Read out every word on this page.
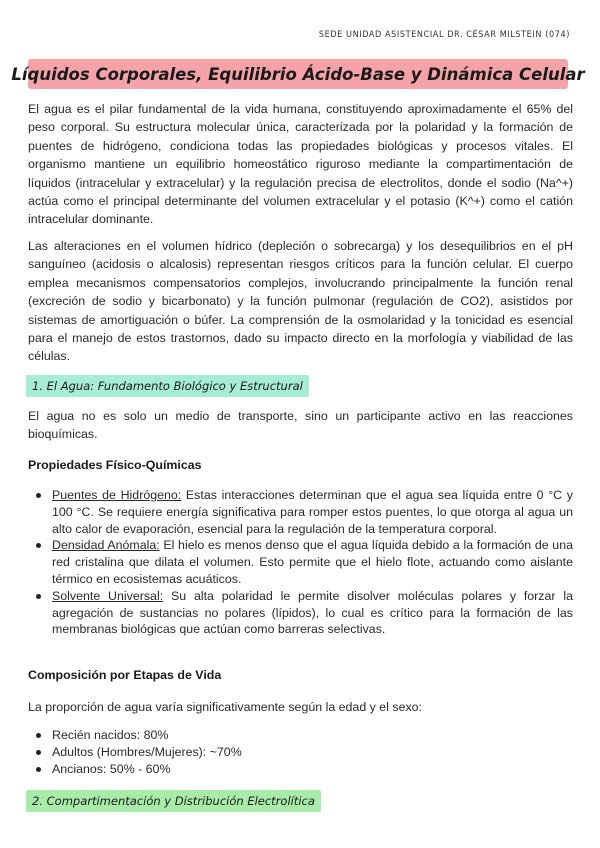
SEDE UNIDAD ASISTENCIAL DR. CÉSAR MILSTEIN (074)
Líquidos Corporales, Equilibrio Ácido-Base y Dinámica Celular

El agua es el pilar fundamental de la vida humana, constituyendo aproximadamente el 65% del peso corporal. Su estructura molecular única, caracterizada por la polaridad y la formación de puentes de hidrógeno, condiciona todas las propiedades biológicas y procesos vitales. El organismo mantiene un equilibrio homeostático riguroso mediante la compartimentación de líquidos (intracelular y extracelular) y la regulación precisa de electrolitos, donde el sodio (Na^+) actúa como el principal determinante del volumen extracelular y el potasio (K^+) como el catión intracelular dominante.

Las alteraciones en el volumen hídrico (depleción o sobrecarga) y los desequilibrios en el pH sanguíneo (acidosis o alcalosis) representan riesgos críticos para la función celular. El cuerpo emplea mecanismos compensatorios complejos, involucrando principalmente la función renal (excreción de sodio y bicarbonato) y la función pulmonar (regulación de CO2), asistidos por sistemas de amortiguación o búfer. La comprensión de la osmolaridad y la tonicidad es esencial para el manejo de estos trastornos, dado su impacto directo en la morfología y viabilidad de las células.

1. El Agua: Fundamento Biológico y Estructural

El agua no es solo un medio de transporte, sino un participante activo en las reacciones bioquímicas.

Propiedades Físico-Químicas
Puentes de Hidrógeno: Estas interacciones determinan que el agua sea líquida entre 0 °C y 100 °C. Se requiere energía significativa para romper estos puentes, lo que otorga al agua un alto calor de evaporación, esencial para la regulación de la temperatura corporal.
Densidad Anómala: El hielo es menos denso que el agua líquida debido a la formación de una red cristalina que dilata el volumen. Esto permite que el hielo flote, actuando como aislante térmico en ecosistemas acuáticos.
Solvente Universal: Su alta polaridad le permite disolver moléculas polares y forzar la agregación de sustancias no polares (lípidos), lo cual es crítico para la formación de las membranas biológicas que actúan como barreras selectivas.
Composición por Etapas de Vida

La proporción de agua varía significativamente según la edad y el sexo:

Recién nacidos: 80%
Adultos (Hombres/Mujeres): ~70%
Ancianos: 50% - 60%
2. Compartimentación y Distribución Electrolítica
